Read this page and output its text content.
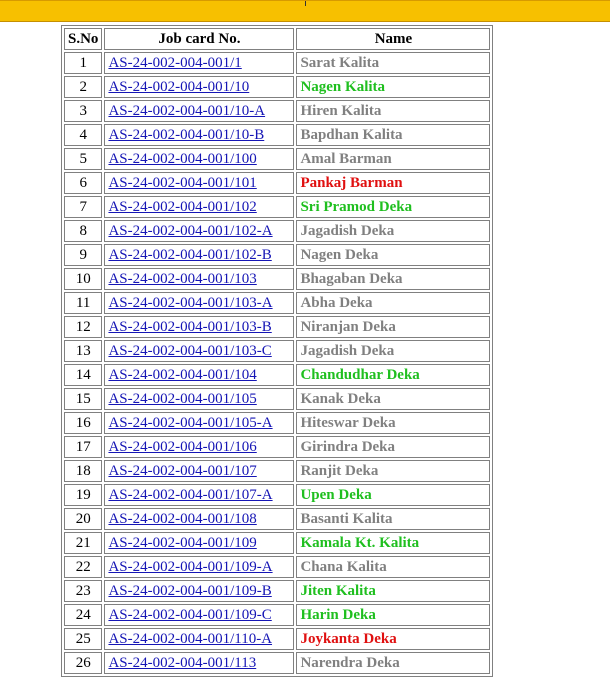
S.No	Job card No.	Name
1	AS-24-002-004-001/1	Sarat Kalita
2	AS-24-002-004-001/10	Nagen Kalita
3	AS-24-002-004-001/10-A	Hiren Kalita
4	AS-24-002-004-001/10-B	Bapdhan Kalita
5	AS-24-002-004-001/100	Amal Barman
6	AS-24-002-004-001/101	Pankaj Barman
7	AS-24-002-004-001/102	Sri Pramod Deka
8	AS-24-002-004-001/102-A	Jagadish Deka
9	AS-24-002-004-001/102-B	Nagen Deka
10	AS-24-002-004-001/103	Bhagaban Deka
11	AS-24-002-004-001/103-A	Abha Deka
12	AS-24-002-004-001/103-B	Niranjan Deka
13	AS-24-002-004-001/103-C	Jagadish Deka
14	AS-24-002-004-001/104	Chandudhar Deka
15	AS-24-002-004-001/105	Kanak Deka
16	AS-24-002-004-001/105-A	Hiteswar Deka
17	AS-24-002-004-001/106	Girindra Deka
18	AS-24-002-004-001/107	Ranjit Deka
19	AS-24-002-004-001/107-A	Upen Deka
20	AS-24-002-004-001/108	Basanti Kalita
21	AS-24-002-004-001/109	Kamala Kt. Kalita
22	AS-24-002-004-001/109-A	Chana Kalita
23	AS-24-002-004-001/109-B	Jiten Kalita
24	AS-24-002-004-001/109-C	Harin Deka
25	AS-24-002-004-001/110-A	Joykanta Deka
26	AS-24-002-004-001/113	Narendra Deka
